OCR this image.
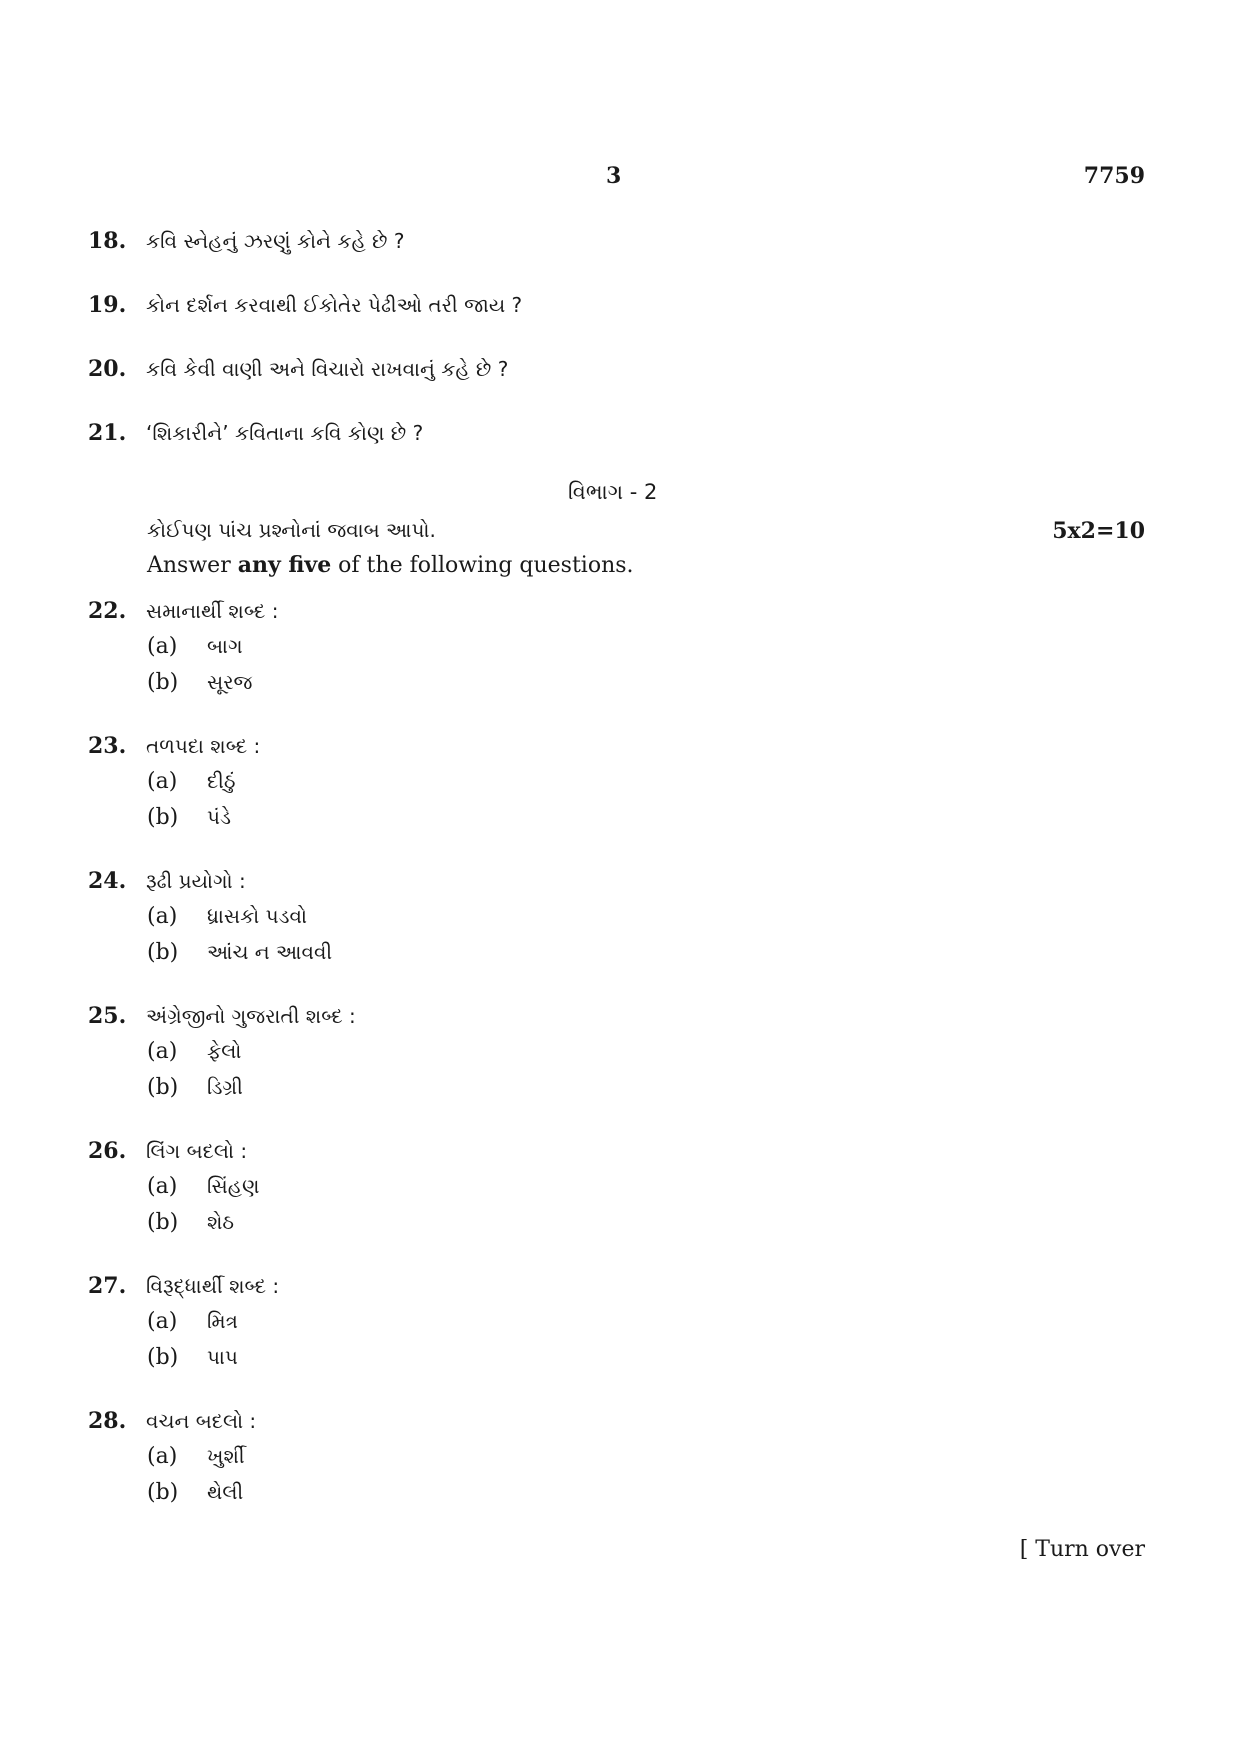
3	7759
18. કવિ સ્નેહનું ઝરણું કોને કહે છે ?
19. કોન દર્શન કરવાથી ઈકોતેર પેઢીઓ તરી જાય ?
20. કવિ કેવી વાણી અને વિચારો રાખવાનું કહે છે ?
21. ‘શિકારીને’ કવિતાના કવિ કોણ છે ?
વિભાગ - 2
કોઈપણ પાંચ પ્રશ્નોનાં જવાબ આપો.	5x2=10
Answer any five of the following questions.
22. સમાનાર્થી શબ્દ :
(a) બાગ
(b) સૂરજ
23. તળપદા શબ્દ :
(a) દીઠું
(b) પંડે
24. રૂઢી પ્રયોગો :
(a) ધ્રાસકો પડવો
(b) આંચ ન આવવી
25. અંગ્રેજીનો ગુજરાતી શબ્દ :
(a) ફેલો
(b) ડિગ્રી
26. લિંગ બદલો :
(a) સિંહણ
(b) શેઠ
27. વિરૂદ્ધાર્થી શબ્દ :
(a) મિત્ર
(b) પાપ
28. વચન બદલો :
(a) ખુર્શી
(b) થેલી
[ Turn over
